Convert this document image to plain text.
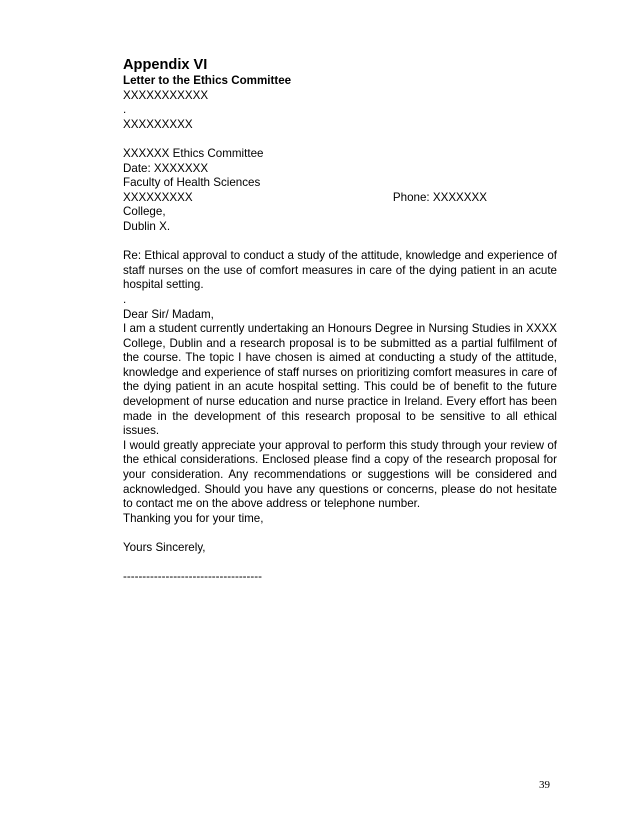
Appendix VI
Letter to the Ethics Committee
XXXXXXXXXXX
.
XXXXXXXXX
XXXXXX Ethics Committee
Date: XXXXXXX
Faculty of Health Sciences
XXXXXXXXX	Phone: XXXXXXX
College,
Dublin X.
Re: Ethical approval to conduct a study of the attitude, knowledge and experience of staff nurses on the use of comfort measures in care of the dying patient in an acute hospital setting.
.
Dear Sir/ Madam,
I am a student currently undertaking an Honours Degree in Nursing Studies in XXXX College, Dublin and a research proposal is to be submitted as a partial fulfilment of the course. The topic I have chosen is aimed at conducting a study of the attitude, knowledge and experience of staff nurses on prioritizing comfort measures in care of the dying patient in an acute hospital setting. This could be of benefit to the future development of nurse education and nurse practice in Ireland. Every effort has been made in the development of this research proposal to be sensitive to all ethical issues.
I would greatly appreciate your approval to perform this study through your review of the ethical considerations. Enclosed please find a copy of the research proposal for your consideration. Any recommendations or suggestions will be considered and acknowledged. Should you have any questions or concerns, please do not hesitate to contact me on the above address or telephone number.
Thanking you for your time,
Yours Sincerely,
------------------------------------
39
